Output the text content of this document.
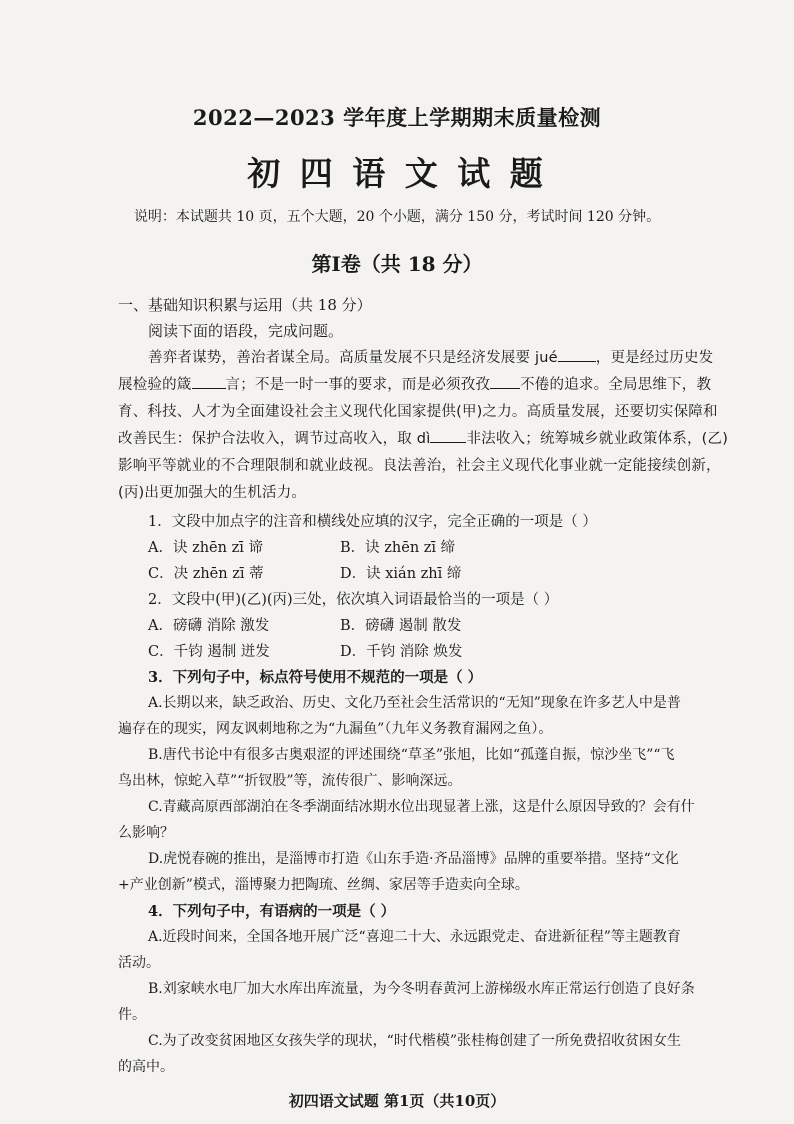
2022—2023 学年度上学期期末质量检测
初 四 语 文 试 题
说明：本试题共 10 页，五个大题，20 个小题，满分 150 分，考试时间 120 分钟。
第Ⅰ卷（共 18 分）
一、基础知识积累与运用（共 18 分）
阅读下面的语段，完成问题。
善弈者谋势，善治者谋全局。高质量发展不只是经济发展要 jué	，更是经过历史发
展检验的箴 言；不是一时一事的要求，而是必须孜孜 不倦的追求。全局思维下，教
育、科技、人才为全面建设社会主义现代化国家提供(甲)之力。高质量发展，还要切实保障和
改善民生：保护合法收入，调节过高收入，取 dì 非法收入；统筹城乡就业政策体系，(乙)
影响平等就业的不合理限制和就业歧视。良法善治，社会主义现代化事业就一定能接续创新，
(丙)出更加强大的生机活力。
1．文段中加点字的注音和横线处应填的汉字，完全正确的一项是（ ）
A．诀 zhēn zī 谛	B．诀 zhēn zī 缔
C．决 zhēn zī 蒂	D．诀 xián zhī 缔
2．文段中(甲)(乙)(丙)三处，依次填入词语最恰当的一项是（ ）
A．磅礴 消除 激发	B．磅礴 遏制 散发
C．千钧 遏制 迸发	D．千钧 消除 焕发
3．下列句子中，标点符号使用不规范的一项是（ ）
A.长期以来，缺乏政治、历史、文化乃至社会生活常识的“无知”现象在许多艺人中是普
遍存在的现实，网友讽刺地称之为“九漏鱼”（九年义务教育漏网之鱼）。
B.唐代书论中有很多古奥艰涩的评述围绕“草圣”张旭，比如“孤蓬自振，惊沙坐飞”“飞
鸟出林，惊蛇入草”“折钗股”等，流传很广、影响深远。
C.青藏高原西部湖泊在冬季湖面结冰期水位出现显著上涨，这是什么原因导致的？会有什
么影响？
D.虎悦春碗的推出，是淄博市打造《山东手造·齐品淄博》品牌的重要举措。坚持“文化
+产业创新”模式，淄博聚力把陶琉、丝绸、家居等手造卖向全球。
4．下列句子中，有语病的一项是（ ）
A.近段时间来，全国各地开展广泛“喜迎二十大、永远跟党走、奋进新征程”等主题教育
活动。
B.刘家峡水电厂加大水库出库流量，为今冬明春黄河上游梯级水库正常运行创造了良好条
件。
C.为了改变贫困地区女孩失学的现状，“时代楷模”张桂梅创建了一所免费招收贫困女生
的高中。
初四语文试题 第1页（共10页）
